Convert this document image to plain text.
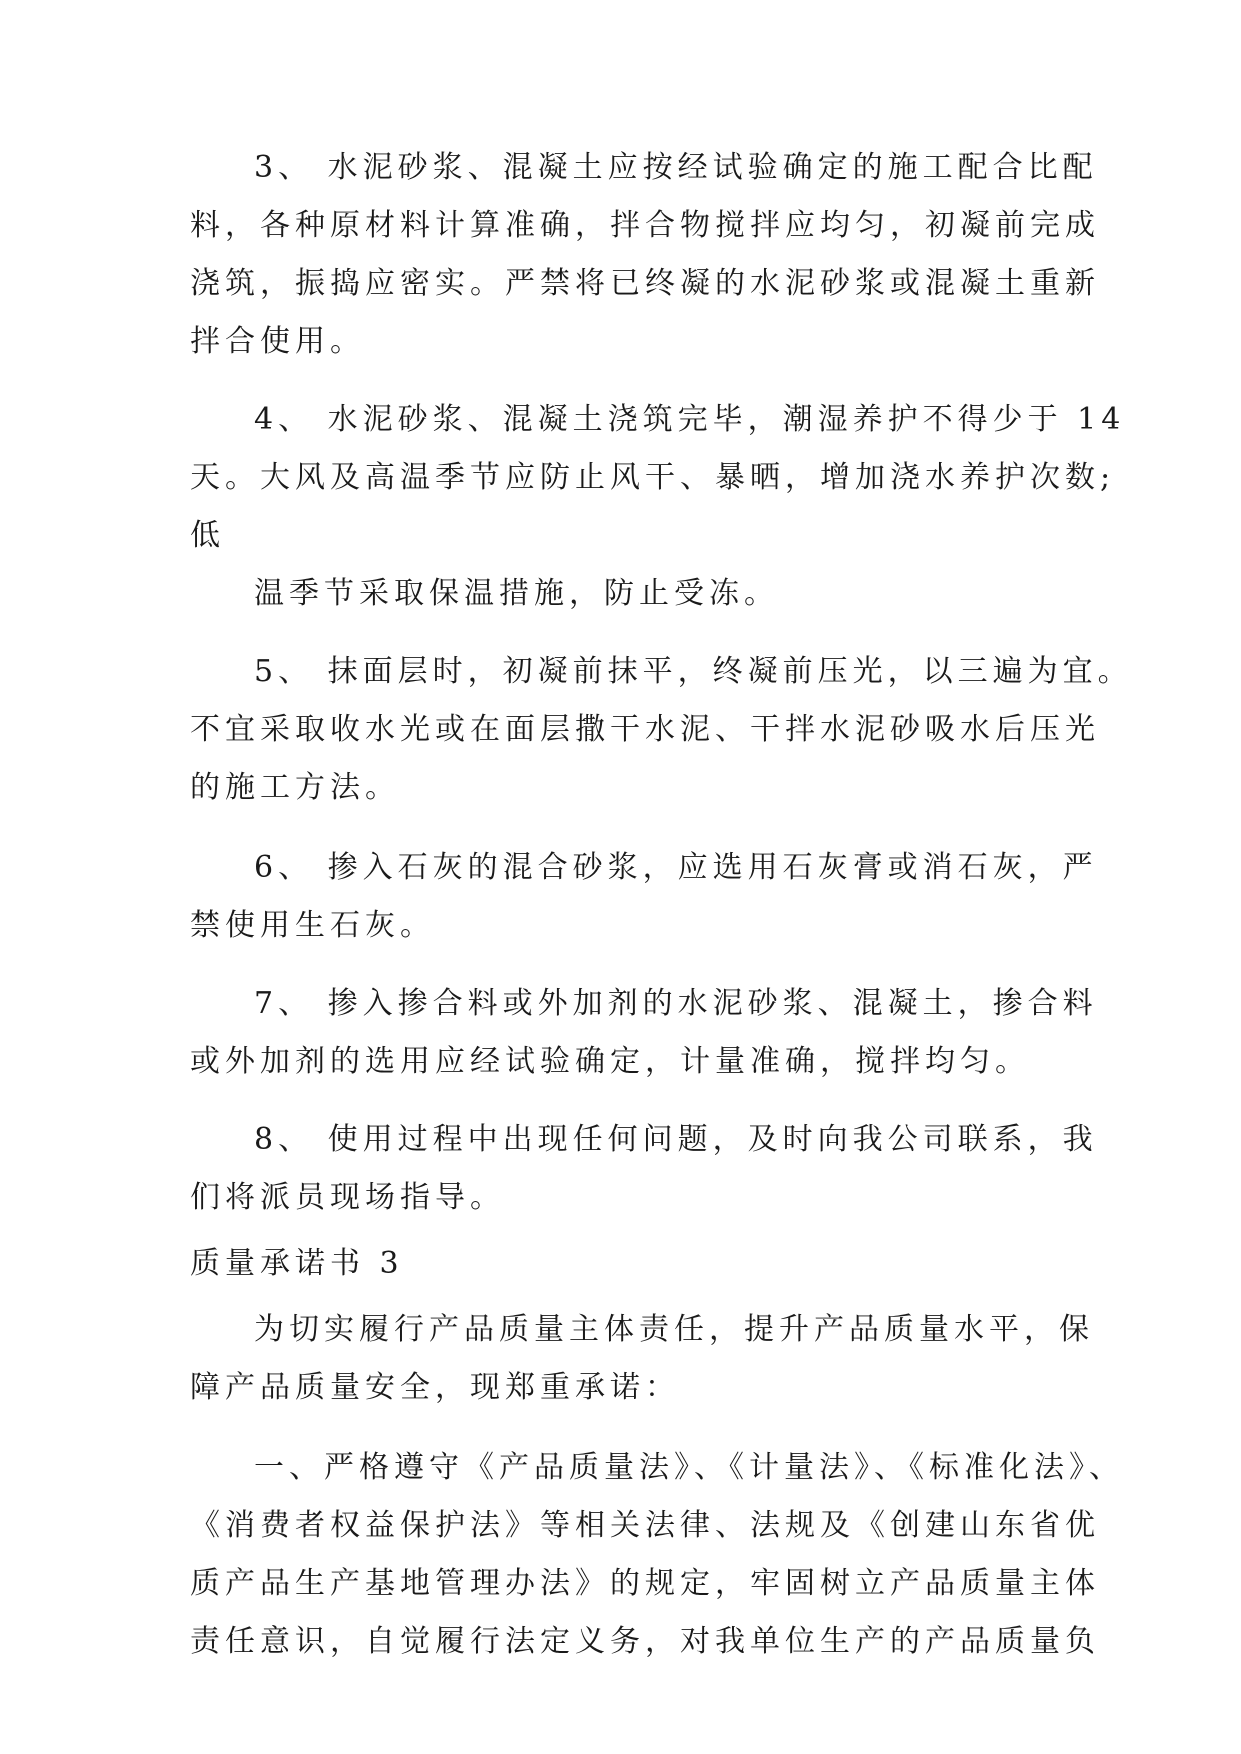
3、 水泥砂浆、混凝土应按经试验确定的施工配合比配
料，各种原材料计算准确，拌合物搅拌应均匀，初凝前完成
浇筑，振捣应密实。严禁将已终凝的水泥砂浆或混凝土重新
拌合使用。
4、 水泥砂浆、混凝土浇筑完毕，潮湿养护不得少于 14
天。大风及高温季节应防止风干、暴晒，增加浇水养护次数;
低
温季节采取保温措施，防止受冻。
5、 抹面层时，初凝前抹平，终凝前压光，以三遍为宜。
不宜采取收水光或在面层撒干水泥、干拌水泥砂吸水后压光
的施工方法。
6、 掺入石灰的混合砂浆，应选用石灰膏或消石灰，严
禁使用生石灰。
7、 掺入掺合料或外加剂的水泥砂浆、混凝土，掺合料
或外加剂的选用应经试验确定，计量准确，搅拌均匀。
8、 使用过程中出现任何问题，及时向我公司联系，我
们将派员现场指导。
质量承诺书 3
为切实履行产品质量主体责任，提升产品质量水平，保
障产品质量安全，现郑重承诺：
一、严格遵守《产品质量法》、《计量法》、《标准化法》、
《消费者权益保护法》等相关法律、法规及《创建山东省优
质产品生产基地管理办法》的规定，牢固树立产品质量主体
责任意识，自觉履行法定义务，对我单位生产的产品质量负
